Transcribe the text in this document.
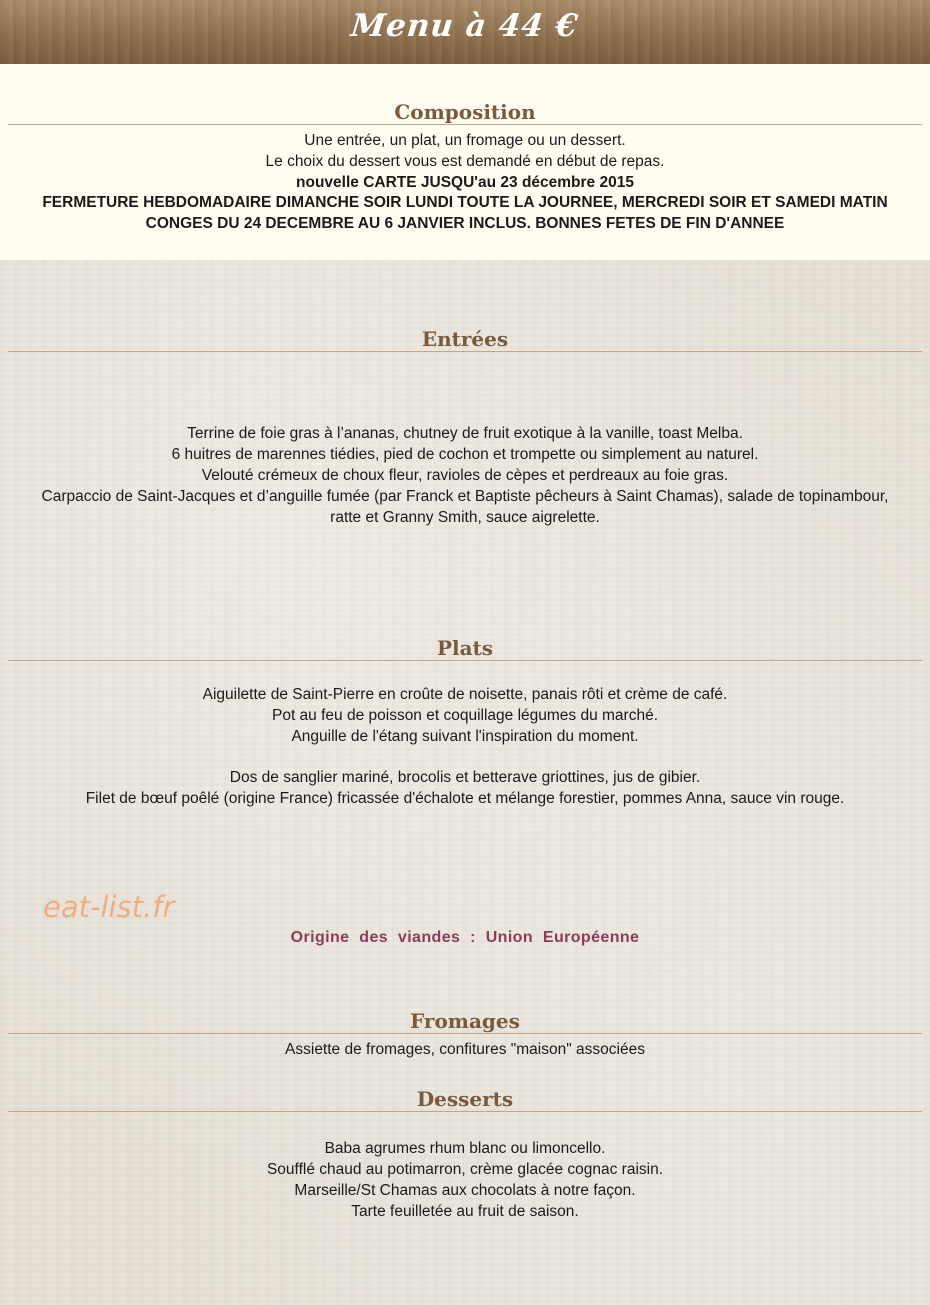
Menu à 44 €
Composition
Une entrée, un plat, un fromage ou un dessert.
Le choix du dessert vous est demandé en début de repas.
nouvelle CARTE JUSQU'au 23 décembre 2015
FERMETURE HEBDOMADAIRE DIMANCHE SOIR LUNDI TOUTE LA JOURNEE, MERCREDI SOIR ET SAMEDI MATIN
CONGES DU 24 DECEMBRE AU 6 JANVIER INCLUS. BONNES FETES DE FIN D'ANNEE
Entrées
Terrine de foie gras à l’ananas, chutney de fruit exotique à la vanille, toast Melba.
6 huitres de marennes tiédies, pied de cochon et trompette ou simplement au naturel.
Velouté crémeux de choux fleur, ravioles de cèpes et perdreaux au foie gras.
Carpaccio de Saint-Jacques et d’anguille fumée (par Franck et Baptiste pêcheurs à Saint Chamas), salade de topinambour, ratte et Granny Smith, sauce aigrelette.
Plats
Aiguilette de Saint-Pierre en croûte de noisette, panais rôti et crème de café.
Pot au feu de poisson et coquillage légumes du marché.
Anguille de l'étang suivant l'inspiration du moment.
Dos de sanglier mariné, brocolis et betterave griottines, jus de gibier.
Filet de bœuf poêlé (origine France) fricassée d'échalote et mélange forestier, pommes Anna, sauce vin rouge.
eat-list.fr
Origine des viandes : Union Européenne
Fromages
Assiette de fromages, confitures "maison" associées
Desserts
Baba agrumes rhum blanc ou limoncello.
Soufflé chaud au potimarron, crème glacée cognac raisin.
Marseille/St Chamas aux chocolats à notre façon.
Tarte feuilletée au fruit de saison.
